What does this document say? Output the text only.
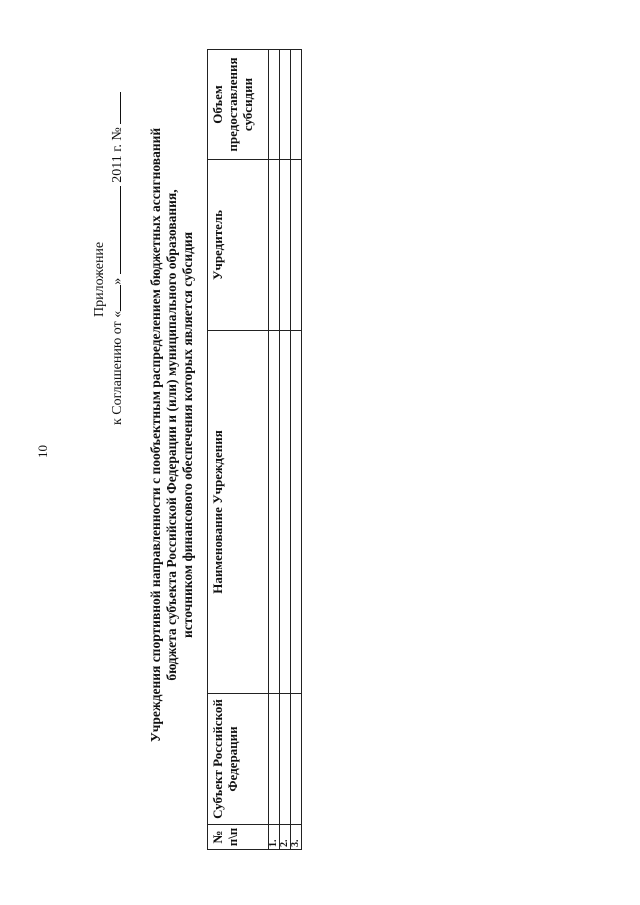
10
Приложение
к Соглашению от «»  2011 г. № Учреждения спортивной направленности с пообъектным распределением бюджетных ассигнований бюджета субъекта Российской Федерации и (или) муниципального образования, источником финансового обеспечения которых является субсидия
№ п\п	Субъект Российской Федерации	Наименование Учреждения	Учредитель	Объем предоставления субсидии
1.				
2.				
3.				
